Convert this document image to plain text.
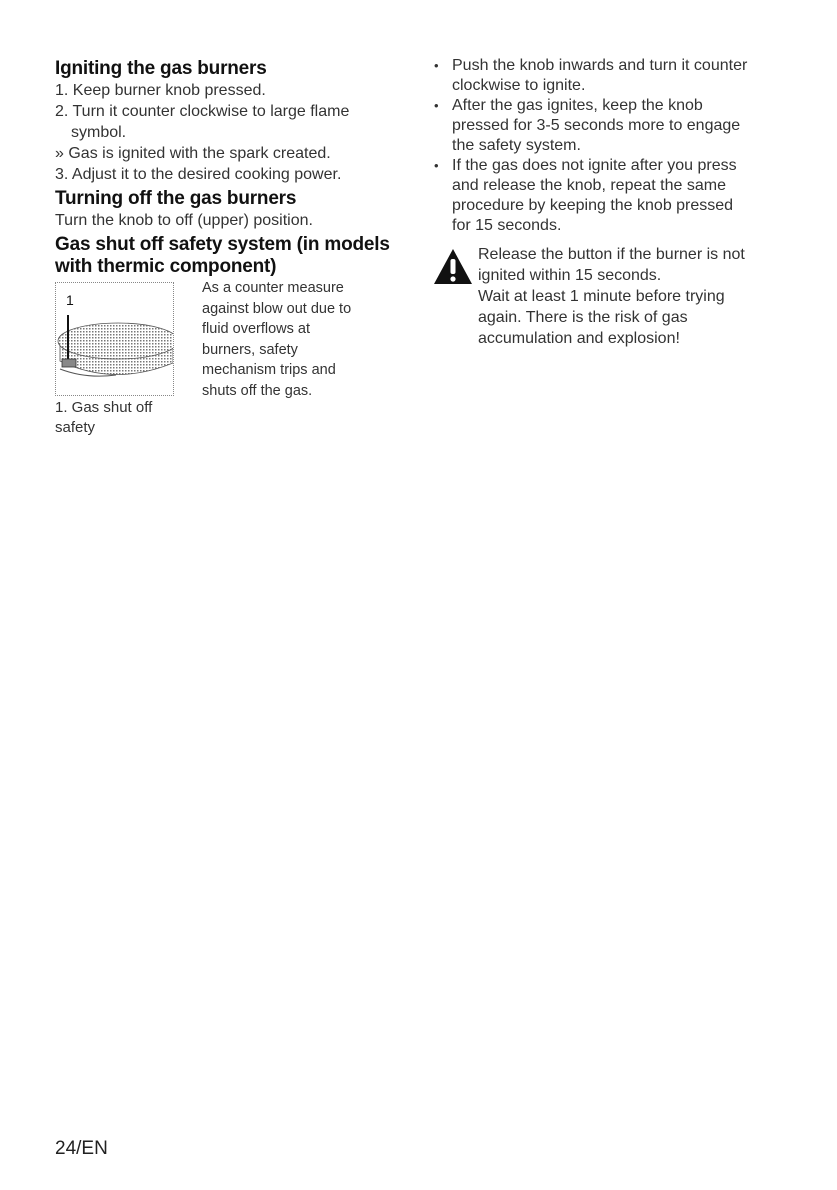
Igniting the gas burners

1. Keep burner knob pressed.

2. Turn it counter clockwise to large flame

symbol.

» Gas is ignited with the spark created.

3. Adjust it to the desired cooking power.

Turning off the gas burners

Turn the knob to off (upper) position.

Gas shut off safety system (in models
with thermic component)
1
1. Gas shut off
safety
As a counter measure
against blow out due to
fluid overflows at
burners, safety
mechanism trips and
shuts off the gas.
• Push the knob inwards and turn it counter
clockwise to ignite.
• After the gas ignites, keep the knob
pressed for 3-5 seconds more to engage
the safety system.
• If the gas does not ignite after you press
and release the knob, repeat the same
procedure by keeping the knob pressed
for 15 seconds.
Release the button if the burner is not
ignited within 15 seconds.
Wait at least 1 minute before trying
again. There is the risk of gas
accumulation and explosion!
24/EN
